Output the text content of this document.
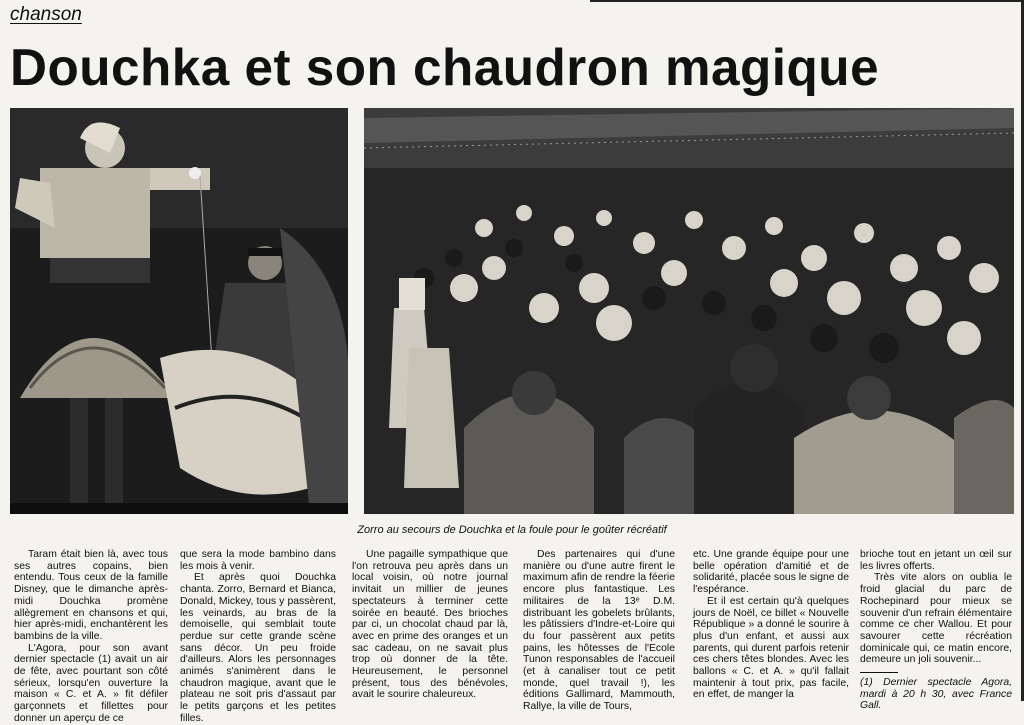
chanson
Douchka et son chaudron magique
Zorro au secours de Douchka et la foule pour le goûter récréatif

Taram était bien là, avec tous ses autres copains, bien entendu. Tous ceux de la famille Disney, que le dimanche après-midi Douchka promène allègrement en chansons et qui, hier après-midi, enchantèrent les bambins de la ville.

L'Agora, pour son avant dernier spectacle (1) avait un air de fête, avec pourtant son côté sérieux, lorsqu'en ouverture la maison « C. et A. » fit défiler garçonnets et fillettes pour donner un aperçu de ce

que sera la mode bambino dans les mois à venir.

Et après quoi Douchka chanta. Zorro, Bernard et Bianca, Donald, Mickey, tous y passèrent, les veinards, au bras de la demoiselle, qui semblait toute perdue sur cette grande scène sans décor. Un peu froide d'ailleurs. Alors les personnages animés s'animèrent dans le chaudron magique, avant que le plateau ne soit pris d'assaut par le petits garçons et les petites filles.

Une pagaille sympathique que l'on retrouva peu après dans un local voisin, où notre journal invitait un millier de jeunes spectateurs à terminer cette soirée en beauté. Des brioches par ci, un chocolat chaud par là, avec en prime des oranges et un sac cadeau, on ne savait plus trop où donner de la tête. Heureusement, le personnel présent, tous des bénévoles, avait le sourire chaleureux.

Des partenaires qui d'une manière ou d'une autre firent le maximum afin de rendre la féerie encore plus fantastique. Les militaires de la 13ᵉ D.M. distribuant les gobelets brûlants, les pâtissiers d'Indre-et-Loire qui du four passèrent aux petits pains, les hôtesses de l'Ecole Tunon responsables de l'accueil (et à canaliser tout ce petit monde, quel travail !), les éditions Gallimard, Mammouth, Rallye, la ville de Tours,

etc. Une grande équipe pour une belle opération d'amitié et de solidarité, placée sous le signe de l'espérance.

Et il est certain qu'à quelques jours de Noël, ce billet « Nouvelle République » a donné le sourire à plus d'un enfant, et aussi aux parents, qui durent parfois retenir ces chers têtes blondes. Avec les ballons « C. et A. » qu'il fallait maintenir à tout prix, pas facile, en effet, de manger la

brioche tout en jetant un œil sur les livres offerts.

Très vite alors on oublia le froid glacial du parc de Rochepinard pour mieux se souvenir d'un refrain élémentaire comme ce cher Wallou. Et pour savourer cette récréation dominicale qui, ce matin encore, demeure un joli souvenir...

(1) Dernier spectacle Agora, mardi à 20 h 30, avec France Gall.
